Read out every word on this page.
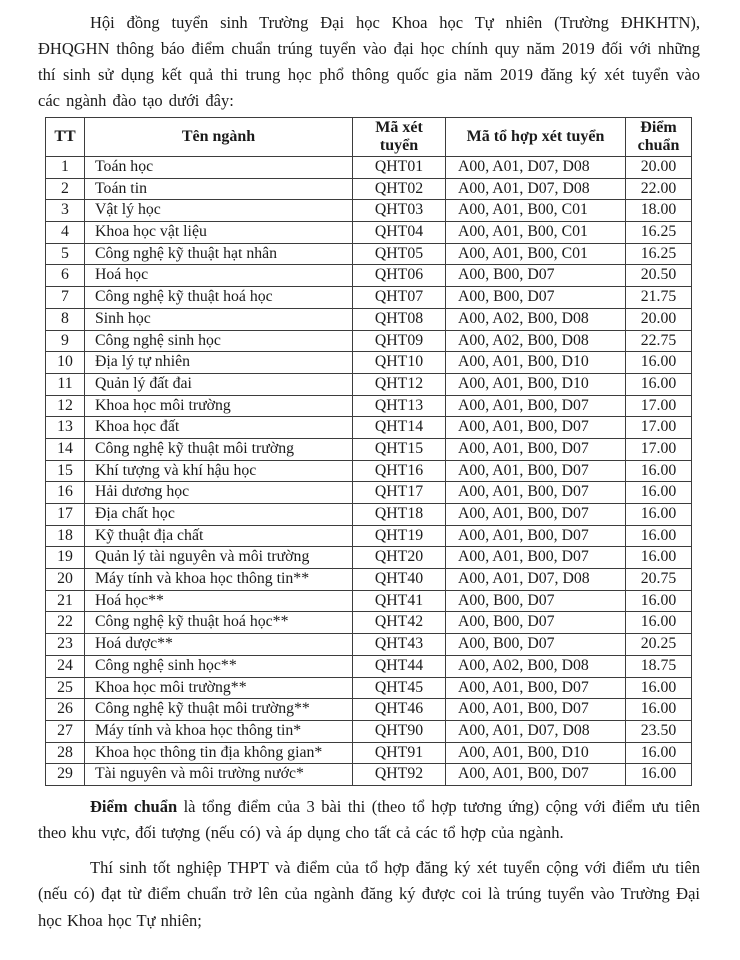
Hội đồng tuyển sinh Trường Đại học Khoa học Tự nhiên (Trường ĐHKHTN), ĐHQGHN thông báo điểm chuẩn trúng tuyển vào đại học chính quy năm 2019 đối với những thí sinh sử dụng kết quả thi trung học phổ thông quốc gia năm 2019 đăng ký xét tuyển vào các ngành đào tạo dưới đây:

TT	Tên ngành	Mã xét tuyển	Mã tổ hợp xét tuyển	Điểm chuẩn
1	Toán học	QHT01	A00, A01, D07, D08	20.00
2	Toán tin	QHT02	A00, A01, D07, D08	22.00
3	Vật lý học	QHT03	A00, A01, B00, C01	18.00
4	Khoa học vật liệu	QHT04	A00, A01, B00, C01	16.25
5	Công nghệ kỹ thuật hạt nhân	QHT05	A00, A01, B00, C01	16.25
6	Hoá học	QHT06	A00, B00, D07	20.50
7	Công nghệ kỹ thuật hoá học	QHT07	A00, B00, D07	21.75
8	Sinh học	QHT08	A00, A02, B00, D08	20.00
9	Công nghệ sinh học	QHT09	A00, A02, B00, D08	22.75
10	Địa lý tự nhiên	QHT10	A00, A01, B00, D10	16.00
11	Quản lý đất đai	QHT12	A00, A01, B00, D10	16.00
12	Khoa học môi trường	QHT13	A00, A01, B00, D07	17.00
13	Khoa học đất	QHT14	A00, A01, B00, D07	17.00
14	Công nghệ kỹ thuật môi trường	QHT15	A00, A01, B00, D07	17.00
15	Khí tượng và khí hậu học	QHT16	A00, A01, B00, D07	16.00
16	Hải dương học	QHT17	A00, A01, B00, D07	16.00
17	Địa chất học	QHT18	A00, A01, B00, D07	16.00
18	Kỹ thuật địa chất	QHT19	A00, A01, B00, D07	16.00
19	Quản lý tài nguyên và môi trường	QHT20	A00, A01, B00, D07	16.00
20	Máy tính và khoa học thông tin**	QHT40	A00, A01, D07, D08	20.75
21	Hoá học**	QHT41	A00, B00, D07	16.00
22	Công nghệ kỹ thuật hoá học**	QHT42	A00, B00, D07	16.00
23	Hoá dược**	QHT43	A00, B00, D07	20.25
24	Công nghệ sinh học**	QHT44	A00, A02, B00, D08	18.75
25	Khoa học môi trường**	QHT45	A00, A01, B00, D07	16.00
26	Công nghệ kỹ thuật môi trường**	QHT46	A00, A01, B00, D07	16.00
27	Máy tính và khoa học thông tin*	QHT90	A00, A01, D07, D08	23.50
28	Khoa học thông tin địa không gian*	QHT91	A00, A01, B00, D10	16.00
29	Tài nguyên và môi trường nước*	QHT92	A00, A01, B00, D07	16.00

Điểm chuẩn là tổng điểm của 3 bài thi (theo tổ hợp tương ứng) cộng với điểm ưu tiên theo khu vực, đối tượng (nếu có) và áp dụng cho tất cả các tổ hợp của ngành.

Thí sinh tốt nghiệp THPT và điểm của tổ hợp đăng ký xét tuyển cộng với điểm ưu tiên (nếu có) đạt từ điểm chuẩn trở lên của ngành đăng ký được coi là trúng tuyển vào Trường Đại học Khoa học Tự nhiên;
